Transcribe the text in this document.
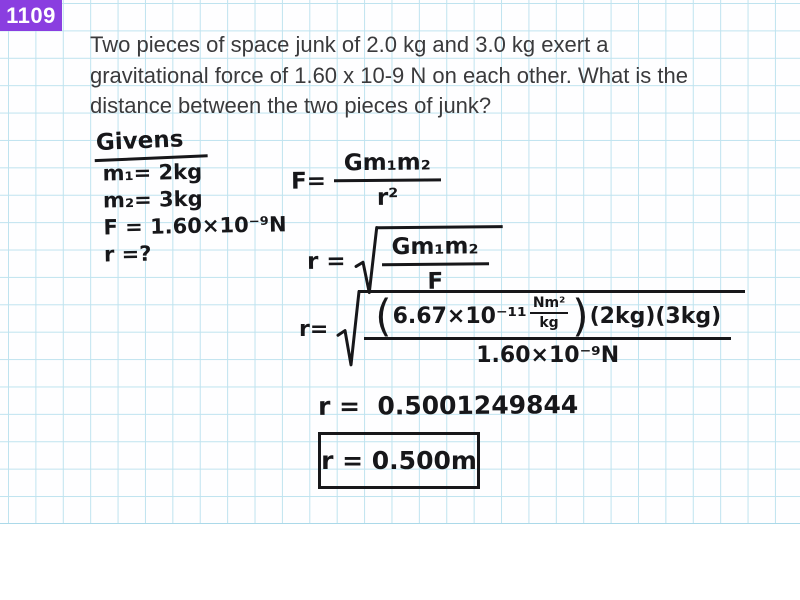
1109
Two pieces of space junk of 2.0 kg and 3.0 kg exert a
gravitational force of 1.60 x 10-9 N on each other. What is the
distance between the two pieces of junk?
Givens
m₁= 2kg
m₂= 3kg
F = 1.60×10⁻⁹N
r =?
$F= \frac{\text{Gm₁m₂}}{\text{r²}}$
$r = \frac{\text{Gm₁m₂}}{F}$
r= ( $6.67\times 10^{-11} \frac{\text{Nm²}}{kg}$ ) (2kg)(3kg)
1.60×10⁻⁹N
r =  0.5001249844
r = 0.500m
